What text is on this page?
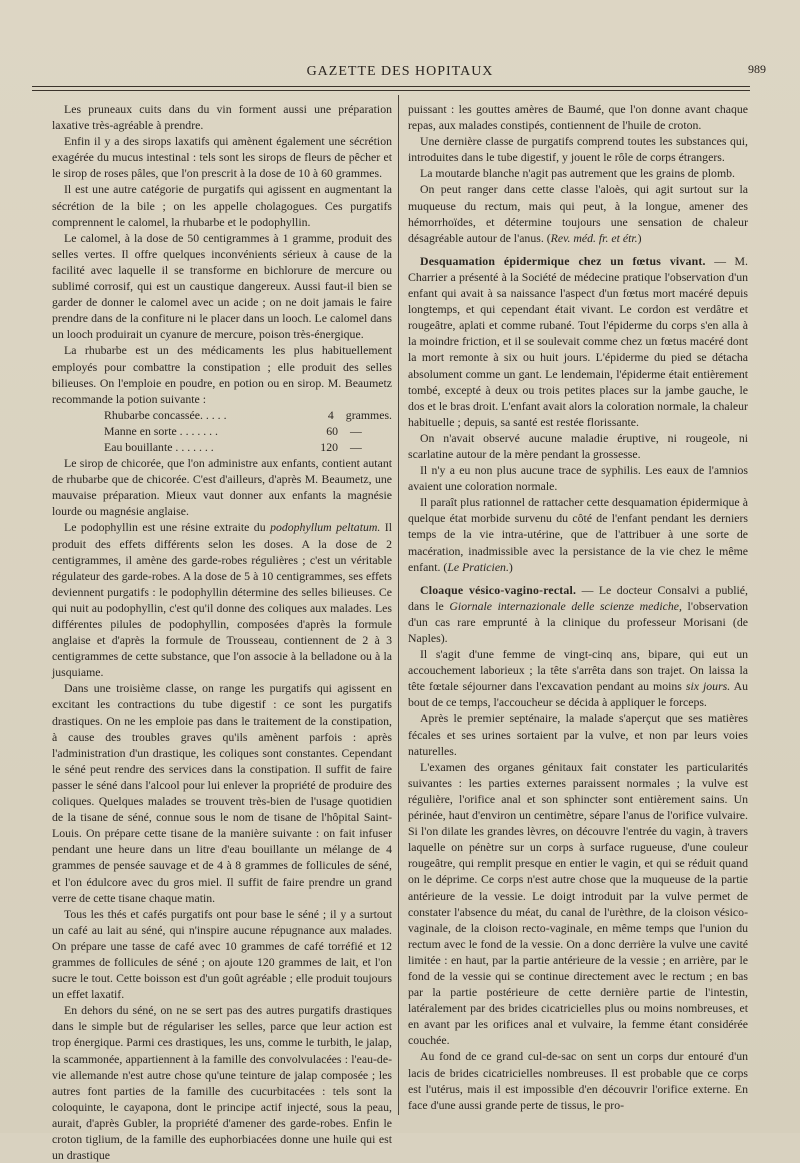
GAZETTE DES HOPITAUX	989

Les pruneaux cuits dans du vin forment aussi une préparation laxative très-agréable à prendre.

Enfin il y a des sirops laxatifs qui amènent également une sécrétion exagérée du mucus intestinal : tels sont les sirops de fleurs de pêcher et le sirop de roses pâles, que l'on prescrit à la dose de 10 à 60 grammes.

Il est une autre catégorie de purgatifs qui agissent en augmentant la sécrétion de la bile ; on les appelle cholagogues. Ces purgatifs comprennent le calomel, la rhubarbe et le podophyllin.

Le calomel, à la dose de 50 centigrammes à 1 gramme, produit des selles vertes. Il offre quelques inconvénients sérieux à cause de la facilité avec laquelle il se transforme en bichlorure de mercure ou sublimé corrosif, qui est un caustique dangereux. Aussi faut-il bien se garder de donner le calomel avec un acide ; on ne doit jamais le faire prendre dans de la confiture ni le placer dans un looch. Le calomel dans un looch produirait un cyanure de mercure, poison très-énergique.

La rhubarbe est un des médicaments les plus habituellement employés pour combattre la constipation ; elle produit des selles bilieuses. On l'emploie en poudre, en potion ou en sirop. M. Beaumetz recommande la potion suivante :

Rhubarbe concassée. . . . .	4	grammes.
Manne en sorte . . . . . . .	60	—
Eau bouillante . . . . . . .	120	—

Le sirop de chicorée, que l'on administre aux enfants, contient autant de rhubarbe que de chicorée. C'est d'ailleurs, d'après M. Beaumetz, une mauvaise préparation. Mieux vaut donner aux enfants la magnésie lourde ou magnésie anglaise.

Le podophyllin est une résine extraite du podophyllum peltatum. Il produit des effets différents selon les doses. A la dose de 2 centigrammes, il amène des garde-robes régulières ; c'est un véritable régulateur des garde-robes. A la dose de 5 à 10 centigrammes, ses effets deviennent purgatifs : le podophyllin détermine des selles bilieuses. Ce qui nuit au podophyllin, c'est qu'il donne des coliques aux malades. Les différentes pilules de podophyllin, composées d'après la formule anglaise et d'après la formule de Trousseau, contiennent de 2 à 3 centigrammes de cette substance, que l'on associe à la belladone ou à la jusquiame.

Dans une troisième classe, on range les purgatifs qui agissent en excitant les contractions du tube digestif : ce sont les purgatifs drastiques. On ne les emploie pas dans le traitement de la constipation, à cause des troubles graves qu'ils amènent parfois : après l'administration d'un drastique, les coliques sont constantes. Cependant le séné peut rendre des services dans la constipation. Il suffit de faire passer le séné dans l'alcool pour lui enlever la propriété de produire des coliques. Quelques malades se trouvent très-bien de l'usage quotidien de la tisane de séné, connue sous le nom de tisane de l'hôpital Saint-Louis. On prépare cette tisane de la manière suivante : on fait infuser pendant une heure dans un litre d'eau bouillante un mélange de 4 grammes de pensée sauvage et de 4 à 8 grammes de follicules de séné, et l'on édulcore avec du gros miel. Il suffit de faire prendre un grand verre de cette tisane chaque matin.

Tous les thés et cafés purgatifs ont pour base le séné ; il y a surtout un café au lait au séné, qui n'inspire aucune répugnance aux malades. On prépare une tasse de café avec 10 grammes de café torréfié et 12 grammes de follicules de séné ; on ajoute 120 grammes de lait, et l'on sucre le tout. Cette boisson est d'un goût agréable ; elle produit toujours un effet laxatif.

En dehors du séné, on ne se sert pas des autres purgatifs drastiques dans le simple but de régulariser les selles, parce que leur action est trop énergique. Parmi ces drastiques, les uns, comme le turbith, le jalap, la scammonée, appartiennent à la famille des convolvulacées : l'eau-de-vie allemande n'est autre chose qu'une teinture de jalap composée ; les autres font parties de la famille des cucurbitacées : tels sont la coloquinte, le cayapona, dont le principe actif injecté, sous la peau, aurait, d'après Gubler, la propriété d'amener des garde-robes. Enfin le croton tiglium, de la famille des euphorbiacées donne une huile qui est un drastique

puissant : les gouttes amères de Baumé, que l'on donne avant chaque repas, aux malades constipés, contiennent de l'huile de croton.

Une dernière classe de purgatifs comprend toutes les substances qui, introduites dans le tube digestif, y jouent le rôle de corps étrangers.

La moutarde blanche n'agit pas autrement que les grains de plomb.

On peut ranger dans cette classe l'aloès, qui agit surtout sur la muqueuse du rectum, mais qui peut, à la longue, amener des hémorrhoïdes, et détermine toujours une sensation de chaleur désagréable autour de l'anus. (Rev. méd. fr. et étr.)

Desquamation épidermique chez un fœtus vivant. — M. Charrier a présenté à la Société de médecine pratique l'observation d'un enfant qui avait à sa naissance l'aspect d'un fœtus mort macéré depuis longtemps, et qui cependant était vivant. Le cordon est verdâtre et rougeâtre, aplati et comme rubané. Tout l'épiderme du corps s'en alla à la moindre friction, et il se soulevait comme chez un fœtus macéré dont la mort remonte à six ou huit jours. L'épiderme du pied se détacha absolument comme un gant. Le lendemain, l'épiderme était entièrement tombé, excepté à deux ou trois petites places sur la jambe gauche, le dos et le bras droit. L'enfant avait alors la coloration normale, la chaleur habituelle ; depuis, sa santé est restée florissante.

On n'avait observé aucune maladie éruptive, ni rougeole, ni scarlatine autour de la mère pendant la grossesse.

Il n'y a eu non plus aucune trace de syphilis. Les eaux de l'amnios avaient une coloration normale.

Il paraît plus rationnel de rattacher cette desquamation épidermique à quelque état morbide survenu du côté de l'enfant pendant les derniers temps de la vie intra-utérine, que de l'attribuer à une sorte de macération, inadmissible avec la persistance de la vie chez le même enfant. (Le Praticien.)

Cloaque vésico-vagino-rectal. — Le docteur Consalvi a publié, dans le Giornale internazionale delle scienze mediche, l'observation d'un cas rare emprunté à la clinique du professeur Morisani (de Naples).

Il s'agit d'une femme de vingt-cinq ans, bipare, qui eut un accouchement laborieux ; la tête s'arrêta dans son trajet. On laissa la tête fœtale séjourner dans l'excavation pendant au moins six jours. Au bout de ce temps, l'accoucheur se décida à appliquer le forceps.

Après le premier septénaire, la malade s'aperçut que ses matières fécales et ses urines sortaient par la vulve, et non par leurs voies naturelles.

L'examen des organes génitaux fait constater les particularités suivantes : les parties externes paraissent normales ; la vulve est régulière, l'orifice anal et son sphincter sont entièrement sains. Un périnée, haut d'environ un centimètre, sépare l'anus de l'orifice vulvaire. Si l'on dilate les grandes lèvres, on découvre l'entrée du vagin, à travers laquelle on pénètre sur un corps à surface rugueuse, d'une couleur rougeâtre, qui remplit presque en entier le vagin, et qui se réduit quand on le déprime. Ce corps n'est autre chose que la muqueuse de la partie antérieure de la vessie. Le doigt introduit par la vulve permet de constater l'absence du méat, du canal de l'urèthre, de la cloison vésico-vaginale, de la cloison recto-vaginale, en même temps que l'union du rectum avec le fond de la vessie. On a donc derrière la vulve une cavité limitée : en haut, par la partie antérieure de la vessie ; en arrière, par le fond de la vessie qui se continue directement avec le rectum ; en bas par la partie postérieure de cette dernière partie de l'intestin, latéralement par des brides cicatricielles plus ou moins nombreuses, et en avant par les orifices anal et vulvaire, la femme étant considérée couchée.

Au fond de ce grand cul-de-sac on sent un corps dur entouré d'un lacis de brides cicatricielles nombreuses. Il est probable que ce corps est l'utérus, mais il est impossible d'en découvrir l'orifice externe. En face d'une aussi grande perte de tissus, le pro-
